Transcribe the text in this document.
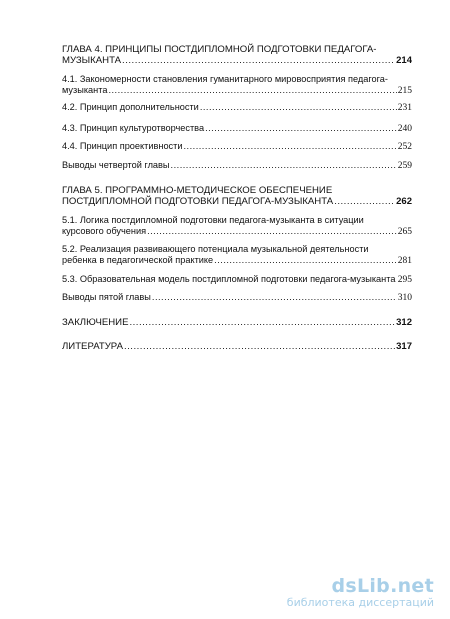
ГЛАВА 4. ПРИНЦИПЫ ПОСТДИПЛОМНОЙ ПОДГОТОВКИ ПЕДАГОГА-
МУЗЫКАНТА .....	214
4.1. Закономерности становления гуманитарного мировосприятия педагога-
музыканта .....	215
4.2. Принцип дополнительности .....	231
4.3. Принцип культуротворчества .....	240
4.4. Принцип проективности .....	252
Выводы четвертой главы .....	259
ГЛАВА 5. ПРОГРАММНО-МЕТОДИЧЕСКОЕ ОБЕСПЕЧЕНИЕ
ПОСТДИПЛОМНОЙ ПОДГОТОВКИ ПЕДАГОГА-МУЗЫКАНТА .....	262
5.1. Логика постдипломной подготовки педагога-музыканта в ситуации
курсового обучения .....	265
5.2. Реализация развивающего потенциала музыкальной деятельности
ребенка в педагогической практике .....	281
5.3. Образовательная модель постдипломной подготовки педагога-музыканта ..... 295
Выводы пятой главы .....	310
ЗАКЛЮЧЕНИЕ .....	312
ЛИТЕРАТУРА .....	317
dsLib.net
библиотека диссертаций
